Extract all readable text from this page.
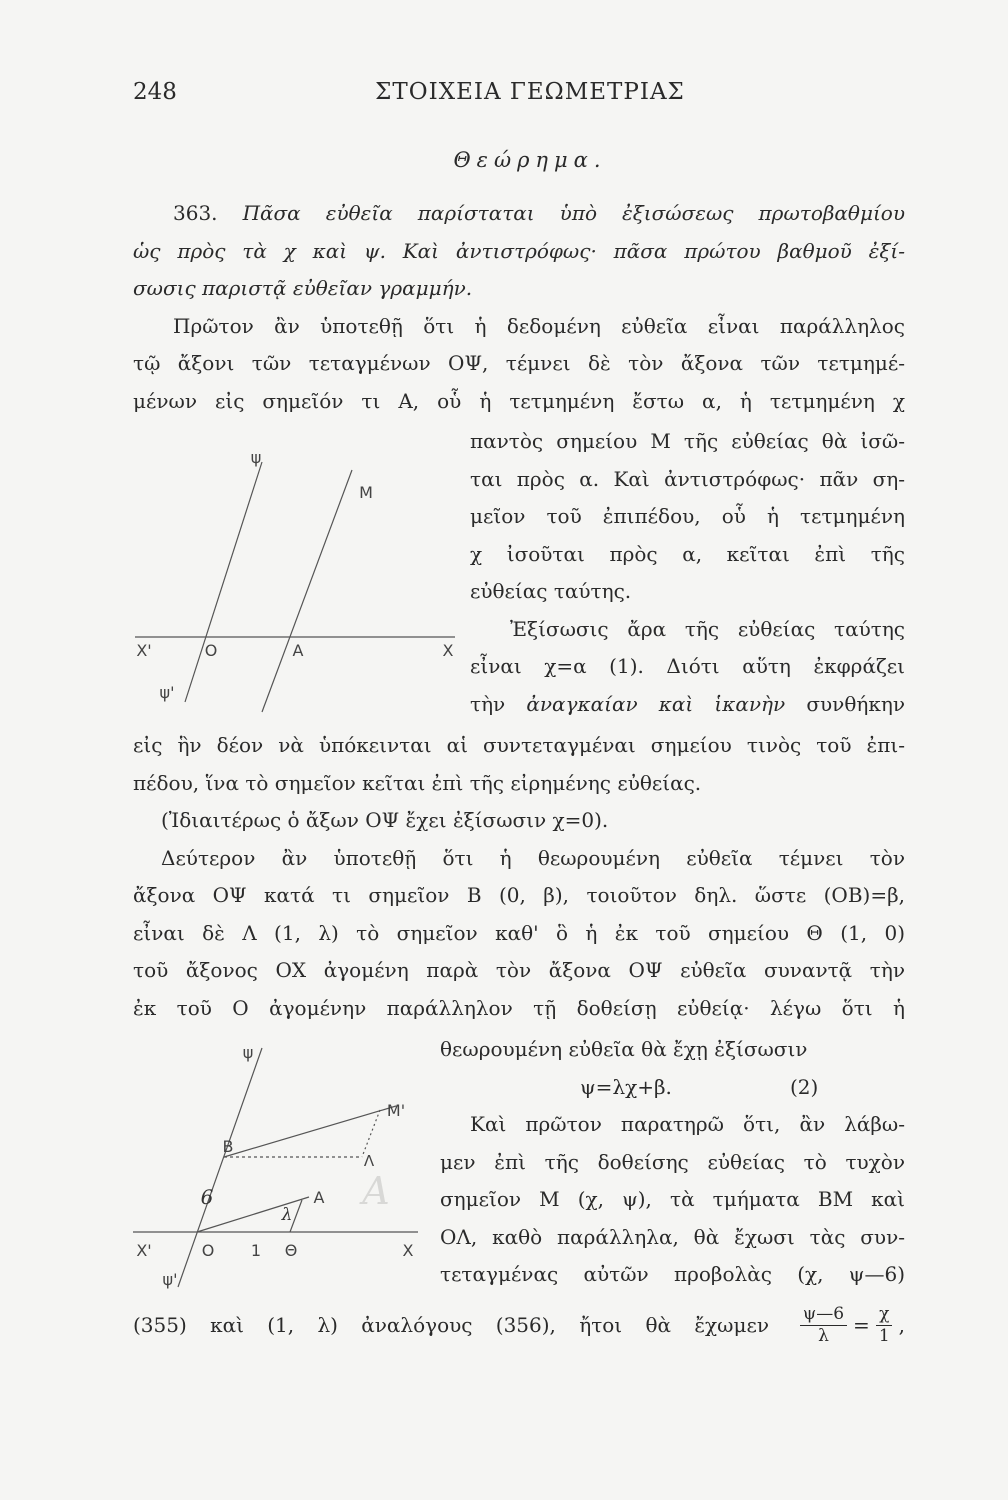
248	ΣΤΟΙΧΕΙΑ ΓΕΩΜΕΤΡΙΑΣ
Θεώρημα.
363. Πᾶσα εὐθεῖα παρίσταται ὑπὸ ἐξισώσεως πρωτοβαθμίου
ὡς πρὸς τὰ χ καὶ ψ. Καὶ ἀντιστρόφως· πᾶσα πρώτου βαθμοῦ ἐξί-
σωσις παριστᾷ εὐθεῖαν γραμμήν.
Πρῶτον ἂν ὑποτεθῇ ὅτι ἡ δεδομένη εὐθεῖα εἶναι παράλληλος
τῷ ἄξονι τῶν τεταγμένων ΟΨ, τέμνει δὲ τὸν ἄξονα τῶν τετμημέ-
μένων εἰς σημεῖόν τι Α, οὗ ἡ τετμημένη ἔστω α, ἡ τετμημένη χ
ψ
Μ
Χ'	Ο	Α	Χ
ψ'
παντὸς σημείου Μ τῆς εὐθείας θὰ ἰσῶ-
ται πρὸς α. Καὶ ἀντιστρόφως· πᾶν ση-
μεῖον τοῦ ἐπιπέδου, οὗ ἡ τετμημένη
χ ἰσοῦται πρὸς α, κεῖται ἐπὶ τῆς
εὐθείας ταύτης.
Ἐξίσωσις ἄρα τῆς εὐθείας ταύτης
εἶναι χ=α (1). Διότι αὕτη ἐκφράζει
τὴν ἀναγκαίαν καὶ ἱκανὴν συνθήκην
εἰς ἣν δέον νὰ ὑπόκεινται αἱ συντεταγμέναι σημείου τινὸς τοῦ ἐπι-
πέδου, ἵνα τὸ σημεῖον κεῖται ἐπὶ τῆς εἰρημένης εὐθείας.
(Ἰδιαιτέρως ὁ ἄξων ΟΨ ἔχει ἐξίσωσιν χ=0).
Δεύτερον ἂν ὑποτεθῇ ὅτι ἡ θεωρουμένη εὐθεῖα τέμνει τὸν
ἄξονα ΟΨ κατά τι σημεῖον Β (0, β), τοιοῦτον δηλ. ὥστε (ΟΒ)=β,
εἶναι δὲ Λ (1, λ) τὸ σημεῖον καθ' ὃ ἡ ἐκ τοῦ σημείου Θ (1, 0)
τοῦ ἄξονος ΟΧ ἀγομένη παρὰ τὸν ἄξονα ΟΨ εὐθεῖα συναντᾷ τὴν
ἐκ τοῦ Ο ἀγομένην παράλληλον τῇ δοθείσῃ εὐθείᾳ· λέγω ὅτι ἡ
ψ
Μ'
Β
Λ
Α
6	Α
λ
Χ'	Ο 1 Θ	Χ
ψ'
θεωρουμένη εὐθεῖα θὰ ἔχῃ ἐξίσωσιν
ψ=λχ+β.	(2)
Καὶ πρῶτον παρατηρῶ ὅτι, ἂν λάβω-
μεν ἐπὶ τῆς δοθείσης εὐθείας τὸ τυχὸν
σημεῖον Μ (χ, ψ), τὰ τμήματα ΒΜ καὶ
ΟΛ, καθὸ παράλληλα, θὰ ἔχωσι τὰς συν-
τεταγμένας αὐτῶν προβολὰς (χ, ψ—6)
(355) καὶ (1, λ) ἀναλόγους (356), ἤτοι θὰ ἔχωμεν $\frac{\psi—6}{\lambda} = \frac{\chi}{1}$ ,
